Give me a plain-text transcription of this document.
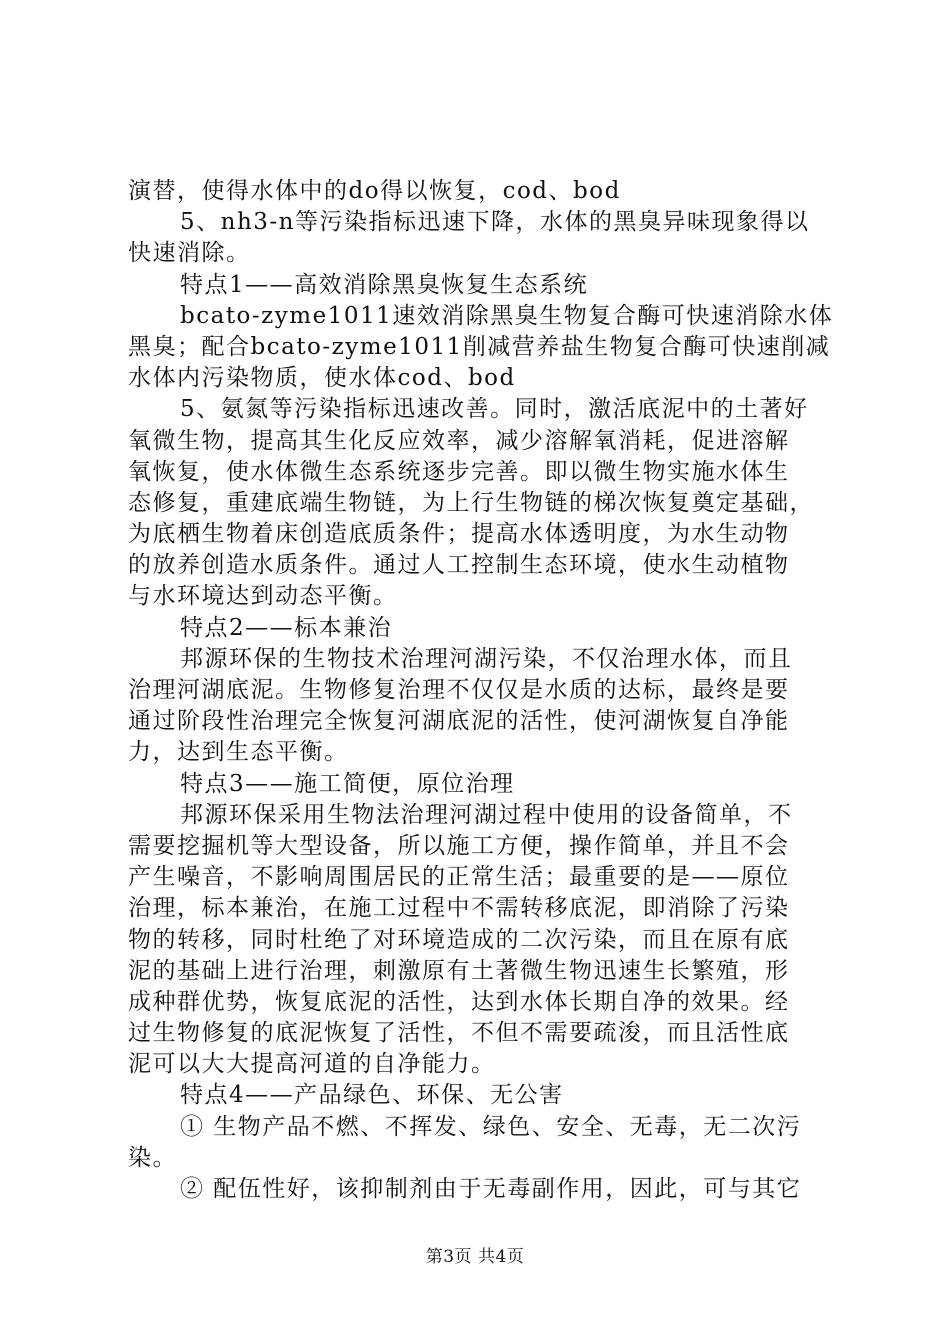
演替，使得水体中的do得以恢复，cod、bod
5、nh3-n等污染指标迅速下降，水体的黑臭异味现象得以
快速消除。
特点1——高效消除黑臭恢复生态系统
bcato-zyme1011速效消除黑臭生物复合酶可快速消除水体
黑臭；配合bcato-zyme1011削减营养盐生物复合酶可快速削减
水体内污染物质，使水体cod、bod
5、氨氮等污染指标迅速改善。同时，激活底泥中的土著好
氧微生物，提高其生化反应效率，减少溶解氧消耗，促进溶解
氧恢复，使水体微生态系统逐步完善。即以微生物实施水体生
态修复，重建底端生物链，为上行生物链的梯次恢复奠定基础，
为底栖生物着床创造底质条件；提高水体透明度，为水生动物
的放养创造水质条件。通过人工控制生态环境，使水生动植物
与水环境达到动态平衡。
特点2——标本兼治
邦源环保的生物技术治理河湖污染，不仅治理水体，而且
治理河湖底泥。生物修复治理不仅仅是水质的达标，最终是要
通过阶段性治理完全恢复河湖底泥的活性，使河湖恢复自净能
力，达到生态平衡。
特点3——施工简便，原位治理
邦源环保采用生物法治理河湖过程中使用的设备简单，不
需要挖掘机等大型设备，所以施工方便，操作简单，并且不会
产生噪音，不影响周围居民的正常生活；最重要的是——原位
治理，标本兼治，在施工过程中不需转移底泥，即消除了污染
物的转移，同时杜绝了对环境造成的二次污染，而且在原有底
泥的基础上进行治理，刺激原有土著微生物迅速生长繁殖，形
成种群优势，恢复底泥的活性，达到水体长期自净的效果。经
过生物修复的底泥恢复了活性，不但不需要疏浚，而且活性底
泥可以大大提高河道的自净能力。
特点4——产品绿色、环保、无公害
① 生物产品不燃、不挥发、绿色、安全、无毒，无二次污
染。
② 配伍性好，该抑制剂由于无毒副作用，因此，可与其它
第3页 共4页
